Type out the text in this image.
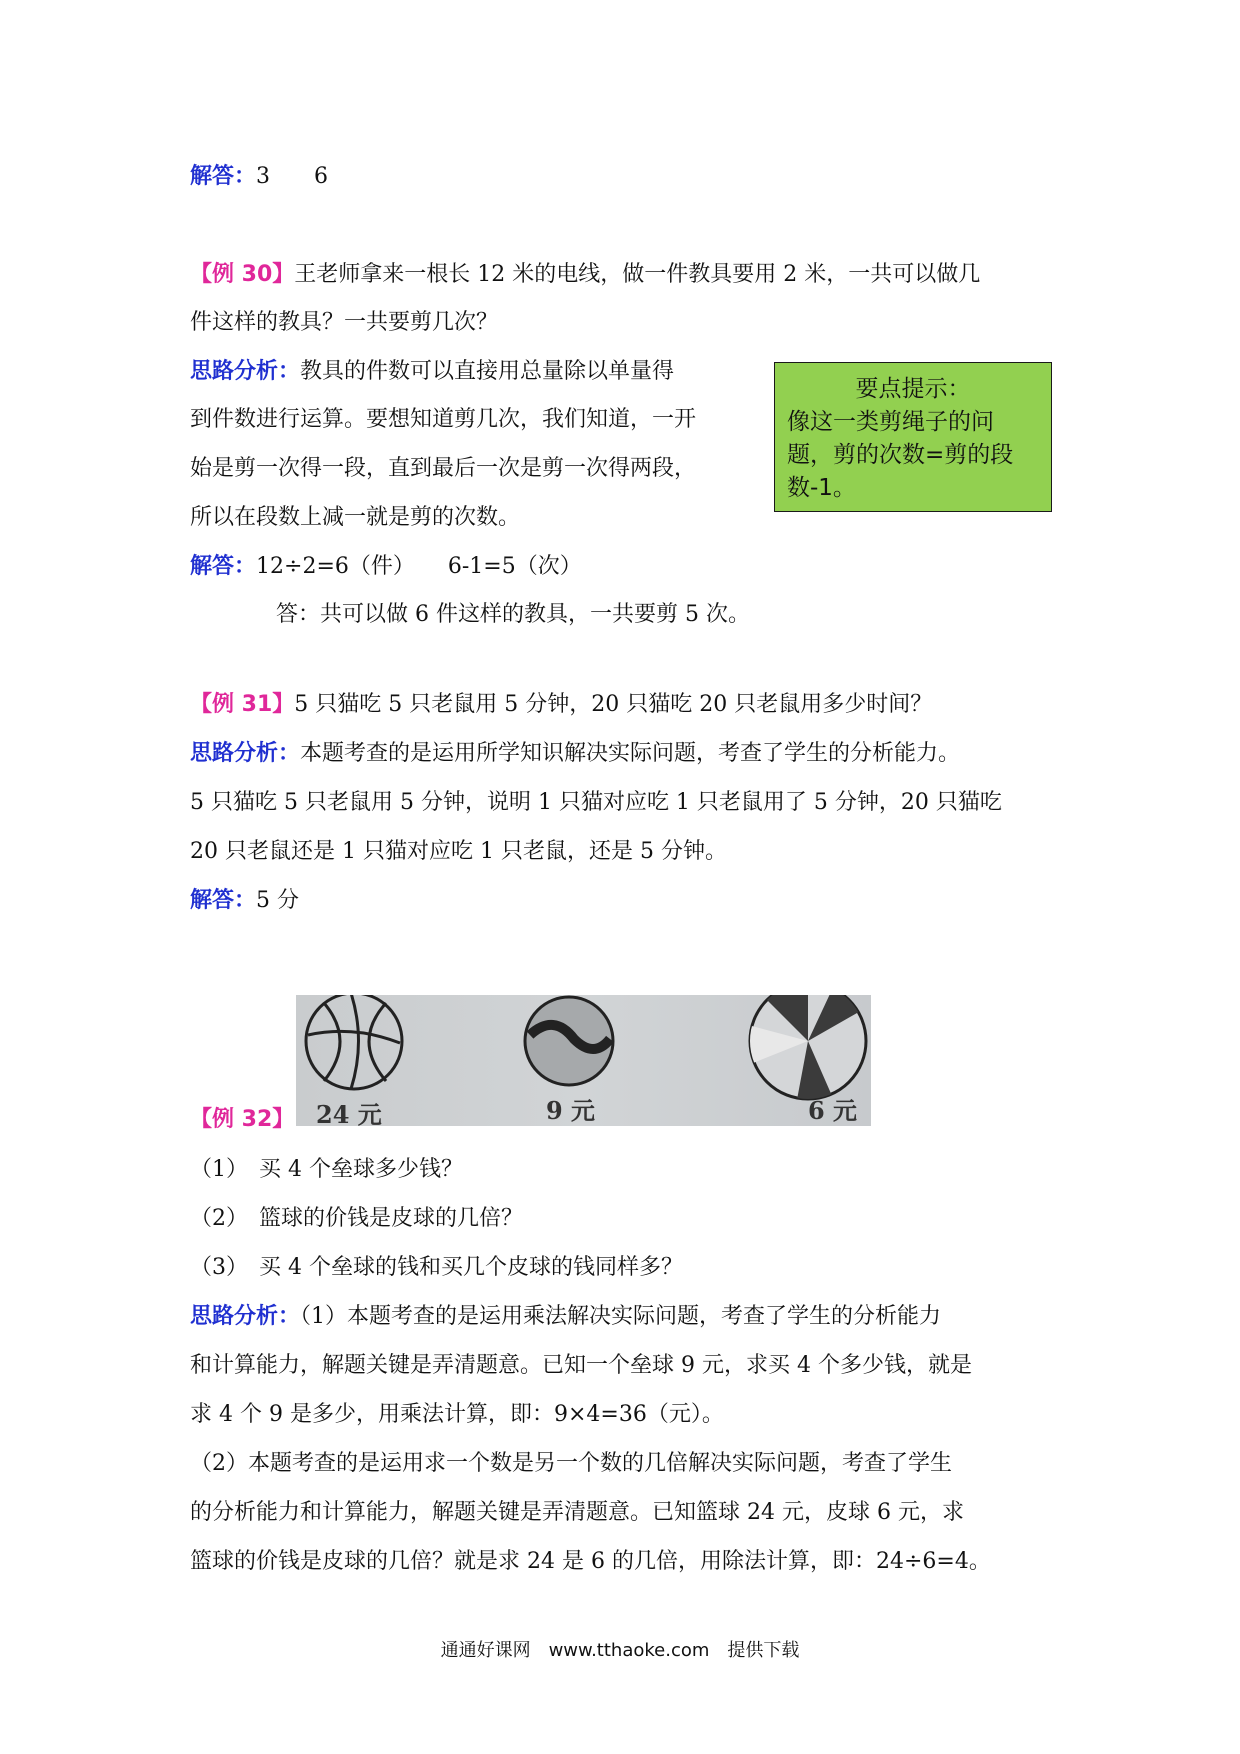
解答：3　　6
【例 30】王老师拿来一根长 12 米的电线，做一件教具要用 2 米，一共可以做几
件这样的教具？一共要剪几次？
思路分析：教具的件数可以直接用总量除以单量得
到件数进行运算。要想知道剪几次，我们知道，一开
始是剪一次得一段，直到最后一次是剪一次得两段，
所以在段数上减一就是剪的次数。
要点提示：
像这一类剪绳子的问
题，剪的次数=剪的段
数-1。
解答：12÷2=6（件）　　6-1=5（次）
答：共可以做 6 件这样的教具，一共要剪 5 次。
【例 31】5 只猫吃 5 只老鼠用 5 分钟，20 只猫吃 20 只老鼠用多少时间？
思路分析：本题考查的是运用所学知识解决实际问题，考查了学生的分析能力。
5 只猫吃 5 只老鼠用 5 分钟，说明 1 只猫对应吃 1 只老鼠用了 5 分钟，20 只猫吃
20 只老鼠还是 1 只猫对应吃 1 只老鼠，还是 5 分钟。
解答：5 分
【例 32】 24 元	9 元	6 元
（1）　买 4 个垒球多少钱？
（2）　篮球的价钱是皮球的几倍？
（3）　买 4 个垒球的钱和买几个皮球的钱同样多？
思路分析：（1）本题考查的是运用乘法解决实际问题，考查了学生的分析能力
和计算能力，解题关键是弄清题意。已知一个垒球 9 元，求买 4 个多少钱，就是
求 4 个 9 是多少，用乘法计算，即：9×4=36（元）。
（2）本题考查的是运用求一个数是另一个数的几倍解决实际问题，考查了学生
的分析能力和计算能力，解题关键是弄清题意。已知篮球 24 元，皮球 6 元，求
篮球的价钱是皮球的几倍？就是求 24 是 6 的几倍，用除法计算，即：24÷6=4。
通通好课网　www.tthaoke.com　提供下载
